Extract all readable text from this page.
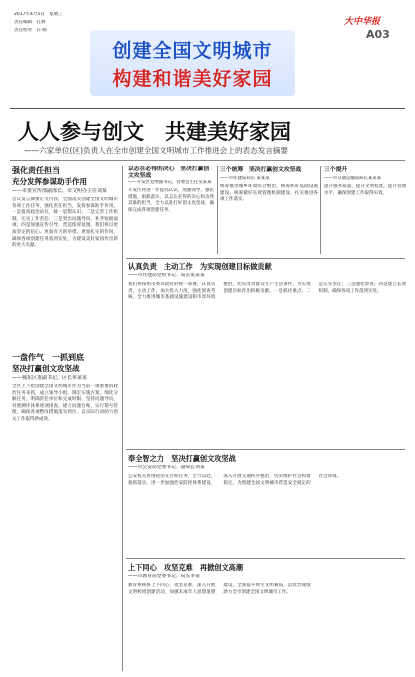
2017年4月5日　星期三
责任编辑　孔林
责任校对　日 晴
创建全国文明城市
构建和谐美好家园
大中华报
A03
人人参与创文　共建美好家园
——六家单位(区)负责人在全市创建全国文明城市工作推进会上的表态发言摘要
强化责任担当
充分发挥参谋助手作用
——市委宣传部副部长、市文明办主任刘某
会议发言摘要正文内容，全面落实创建全国文明城市各项工作任务，强化责任担当，发挥参谋助手作用。一是提高政治站位，统一思想认识；二是完善工作机制，压实工作责任；三是突出问题导向，补齐短板弱项；四是加强宣传引导，营造浓厚氛围。我们将以更加坚定的信心、更加有力的举措、更加扎实的作风，确保各项创建任务落到实处，为建设美好家园作出新的更大贡献。
一盘作气　一抓到底
坚决打赢创文攻坚战
——城东区委副书记、区长单某某
全区上下把创建全国文明城市作为当前一项重要的政治任务来抓，成立领导小组，制定实施方案，细化分解任务，明确责任单位和完成时限。坚持问题导向，对照测评体系逐项排查，建立问题台账，实行销号管理，确保各项整改措施落实到位，以实际行动助力创文工作取得新成效。
以志在必得的决心　坚决打赢创文攻坚战
——开发区党委副书记、管委会主任吴某某
开发区将进一步提高认识，加强领导，强化措施，狠抓落实，以志在必得的决心和舍我其谁的担当，全力以赴打好创文攻坚战，确保完成各项创建任务。
三个统筹　坚决打赢创文攻坚战
——市住建局局长 某某某
统筹推进城乡环境综合整治，统筹抓好基础设施建设，统筹做好长效管理机制建设，扎实推进各项工作落实。
三个提升
——市交通运输局局长某某某
提升服务质量，提升文明程度，提升管理水平，确保创建工作取得实效。
认真负责　主动工作　为实现创建目标做贡献
——市住建局党组书记、局长张某某
我们将按照市委市政府的统一部署，认真负责，主动工作，加大投入力度，强化督查考核，全力推进城市基础设施建设和市容环境整治，切实改善群众生产生活条件，为实现创建目标作出积极贡献。一是抓住重点；二是压实责任；三是强化督查；四是建立长效机制，确保各项工作落到实处。
奉全智之力　坚决打赢创文攻坚战
——市公安局党委书记、副局长刘某
公安机关将围绕创文目标任务，全力以赴，狠抓落实，进一步加强治安防控体系建设，深入开展交通秩序整治，切实维护社会和谐稳定，为创建全国文明城市营造安全稳定的社会环境。
上下同心　攻坚克难　再掀创文高潮
——市教育局党委书记、局长李某
教育系统将上下同心，攻坚克难，深入开展文明校园创建活动，加强未成年人思想道德建设，全面提升师生文明素质，以优异成绩助力全市创建全国文明城市工作。
